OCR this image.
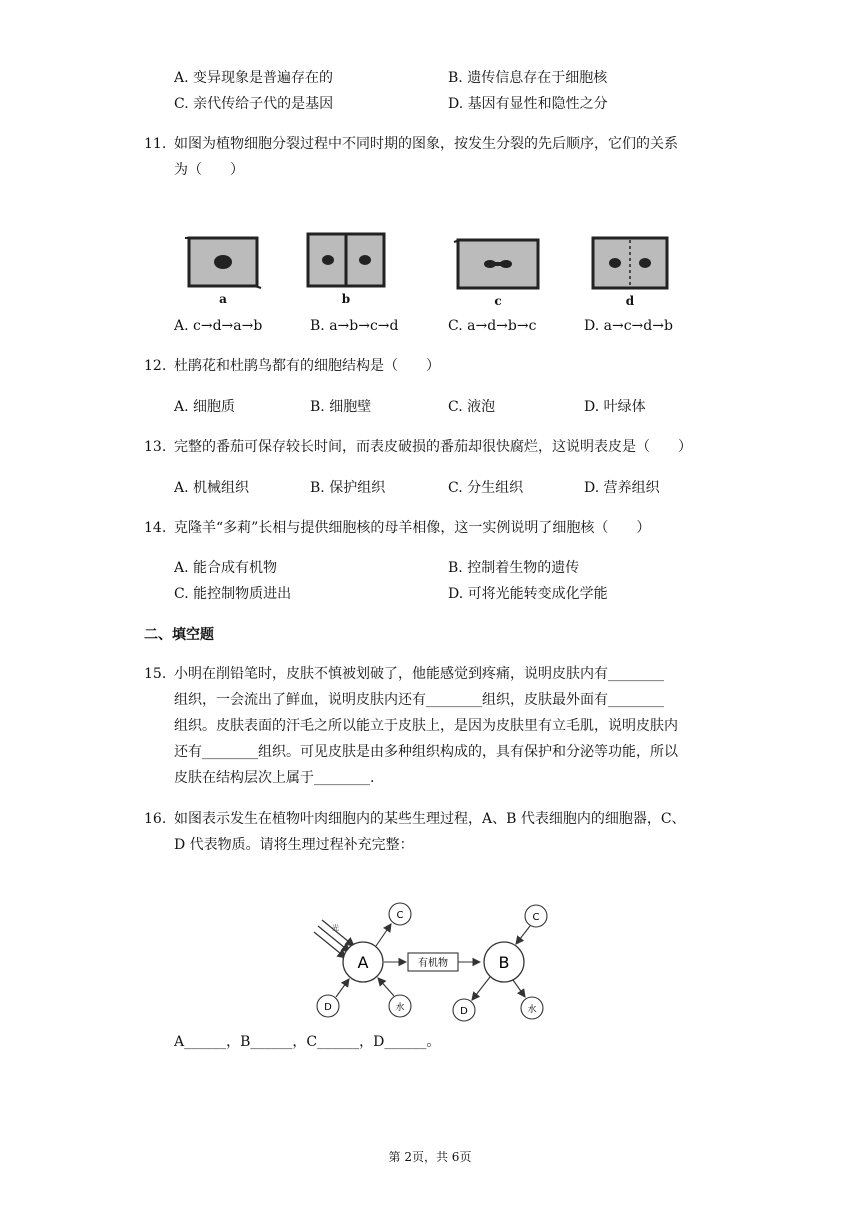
A. 变异现象是普遍存在的	B. 遗传信息存在于细胞核
C. 亲代传给子代的是基因	D. 基因有显性和隐性之分
11. 如图为植物细胞分裂过程中不同时期的图象，按发生分裂的先后顺序，它们的关系
为（　　）
a	b	c	d
A. c→d→a→b	B. a→b→c→d	C. a→d→b→c	D. a→c→d→b
12. 杜鹃花和杜鹃鸟都有的细胞结构是（　　）
A. 细胞质	B. 细胞壁	C. 液泡	D. 叶绿体
13. 完整的番茄可保存较长时间，而表皮破损的番茄却很快腐烂，这说明表皮是（　　）
A. 机械组织	B. 保护组织	C. 分生组织	D. 营养组织
14. 克隆羊“多莉”长相与提供细胞核的母羊相像，这一实例说明了细胞核（　　）
A. 能合成有机物	B. 控制着生物的遗传
C. 能控制物质进出	D. 可将光能转变成化学能
二、填空题
15. 小明在削铅笔时，皮肤不慎被划破了，他能感觉到疼痛，说明皮肤内有________
组织，一会流出了鲜血，说明皮肤内还有________组织，皮肤最外面有________
组织。皮肤表面的汗毛之所以能立于皮肤上，是因为皮肤里有立毛肌，说明皮肤内
还有________组织。可见皮肤是由多种组织构成的，具有保护和分泌等功能，所以
皮肤在结构层次上属于________.
16. 如图表示发生在植物叶肉细胞内的某些生理过程，A、B 代表细胞内的细胞器，C、
D 代表物质。请将生理过程补充完整：
光
A
C
D	水
有机物	B
C
D	水
A______，B______，C______，D______。
第 2页，共 6页
